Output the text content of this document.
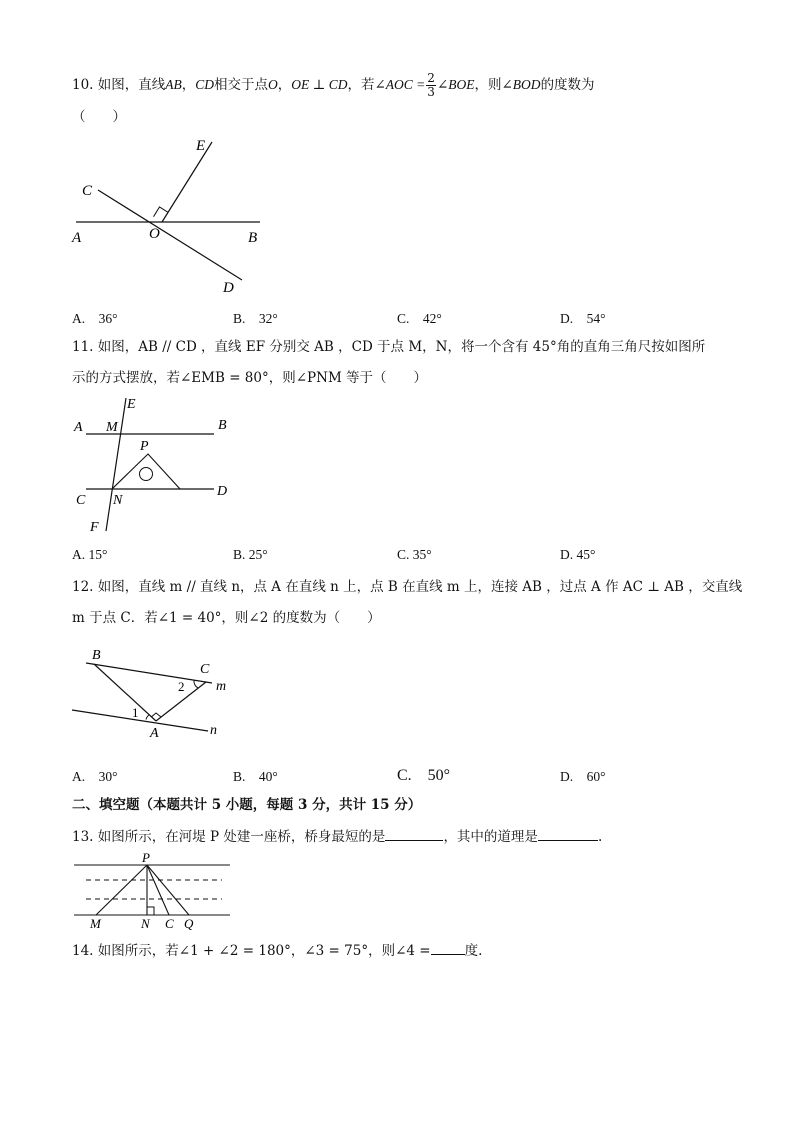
10. 如图，直线AB，CD相交于点O，OE ⊥ CD，若∠AOC = $\frac{2}{3}$ ∠BOE，则∠BOD的度数为
（　　）
E
C
A	O	B
D
A.　36°	B.　32°	C.　42°	D.　54°
11. 如图，AB // CD ，直线 EF 分别交 AB ，CD 于点 M，N，将一个含有 45°角的直角三角尺按如图所
示的方式摆放，若∠EMB = 80°，则∠PNM 等于（　　）
A M
E
B
P
C N
D
F
A. 15°	B. 25°	C. 35°	D. 45°
12. 如图，直线 m // 直线 n，点 A 在直线 n 上，点 B 在直线 m 上，连接 AB ，过点 A 作 AC ⊥ AB ，交直线
m 于点 C．若∠1 = 40°，则∠2 的度数为（　　）
B
C
m
2
1
A	n
A.　30°	B.　40°	C.　50°	D.　60°
二、填空题（本题共计 5 小题，每题 3 分，共计 15 分）
13. 如图所示，在河堤 P 处建一座桥，桥身最短的是	，其中的道理是	.
P
M	N C Q
14. 如图所示，若∠1 + ∠2 = 180°，∠3 = 75°，则∠4 =	度.
